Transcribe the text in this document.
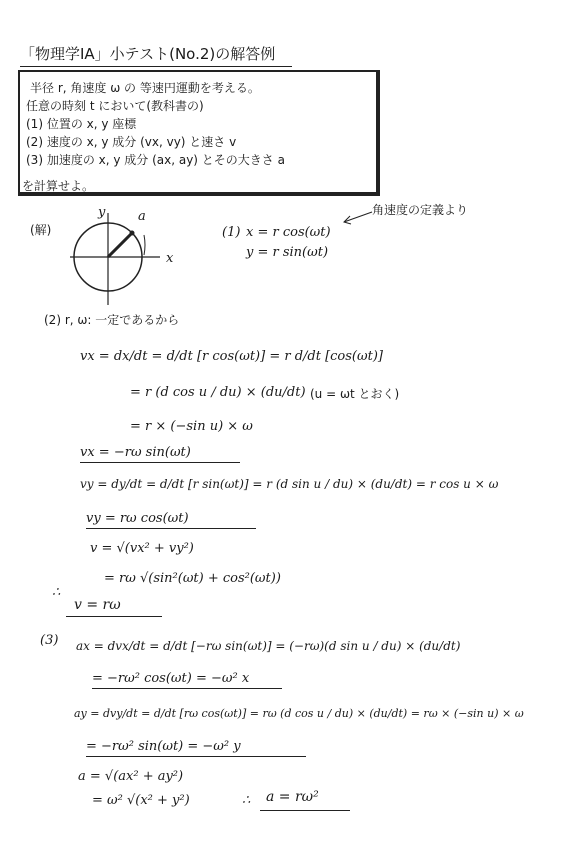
「物理学IA」小テスト(No.2)の解答例
半径 r, 角速度 ω の 等速円運動を考える。
任意の時刻 t において(教科書の)
(1) 位置の x, y 座標
(2) 速度の x, y 成分 (vx, vy) と速さ v
(3) 加速度の x, y 成分 (ax, ay) とその大きさ a
を計算せよ。
(解)
y	a
x
角速度の定義より
(1) x = r cos(ωt)
y = r sin(ωt)
(2) r, ω: 一定であるから
vx = dx/dt = d/dt [r cos(ωt)] = r d/dt [cos(ωt)]
= r (d cos u / du) × (du/dt) (u = ωt とおく)
= r × (−sin u) × ω
vx = −rω sin(ωt)
vy = dy/dt = d/dt [r sin(ωt)] = r (d sin u / du) × (du/dt) = r cos u × ω
vy = rω cos(ωt)
v = √(vx² + vy²)
= rω √(sin²(ωt) + cos²(ωt))
∴
v = rω
(3) ax = dvx/dt = d/dt [−rω sin(ωt)] = (−rω)(d sin u / du) × (du/dt)
= −rω² cos(ωt) = −ω² x
ay = dvy/dt = d/dt [rω cos(ωt)] = rω (d cos u / du) × (du/dt) = rω × (−sin u) × ω
= −rω² sin(ωt) = −ω² y
a = √(ax² + ay²)
= ω² √(x² + y²)	∴ a = rω²
